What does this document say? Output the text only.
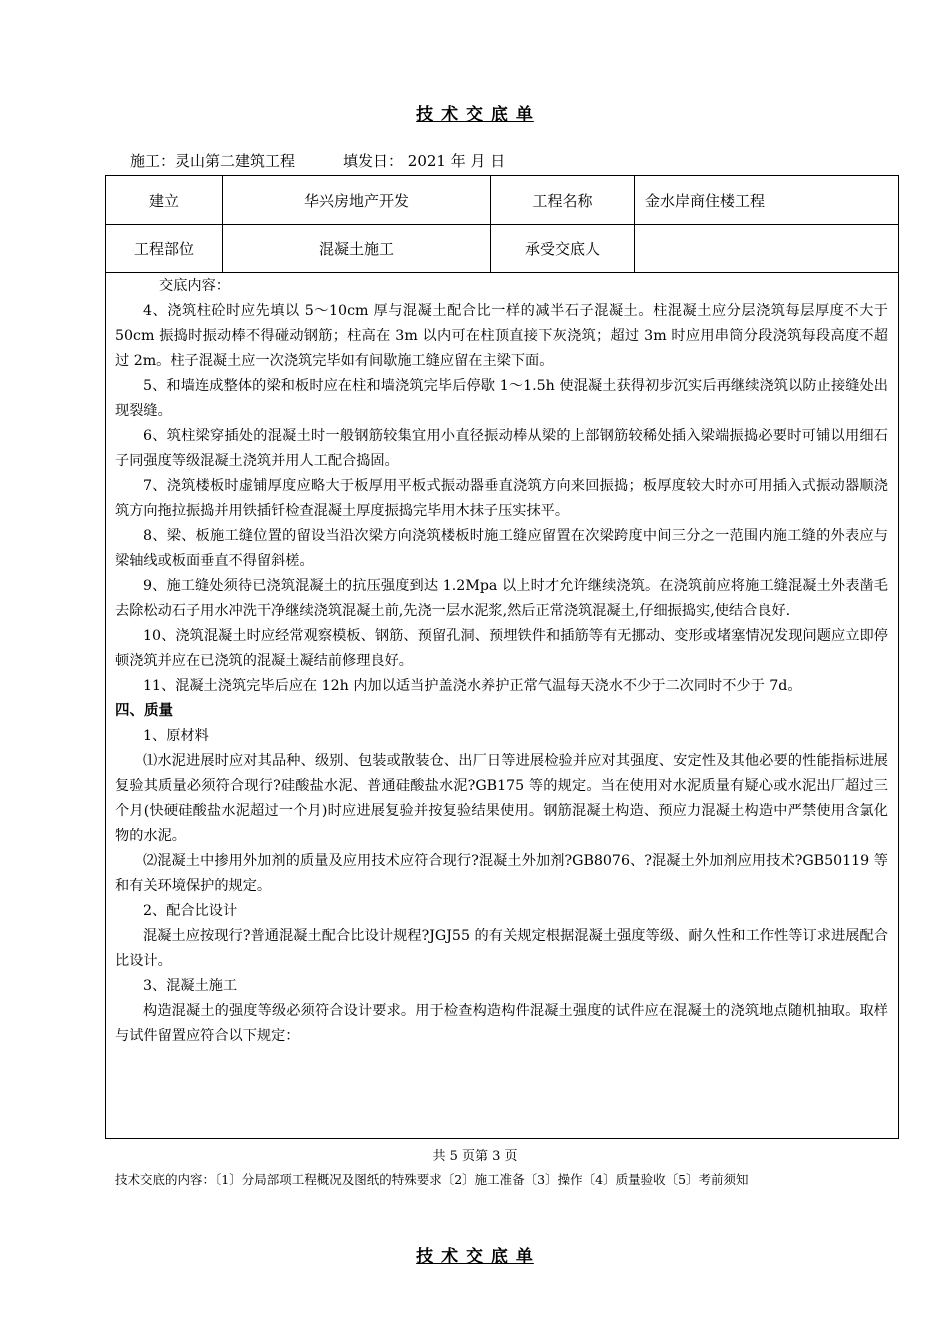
技 术 交 底 单
施工：灵山第二建筑工程	填发日： 2021 年 月 日
建立	华兴房地产开发	工程名称	金水岸商住楼工程
工程部位	混凝土施工	承受交底人

交底内容：

4、浇筑柱砼时应先填以 5～10cm 厚与混凝土配合比一样的减半石子混凝土。柱混凝土应分层浇筑每层厚度不大于 50cm 振捣时振动棒不得碰动钢筋；柱高在 3m 以内可在柱顶直接下灰浇筑；超过 3m 时应用串筒分段浇筑每段高度不超过 2m。柱子混凝土应一次浇筑完毕如有间歇施工缝应留在主梁下面。

5、和墙连成整体的梁和板时应在柱和墙浇筑完毕后停歇 1～1.5h 使混凝土获得初步沉实后再继续浇筑以防止接缝处出现裂缝。

6、筑柱梁穿插处的混凝土时一般钢筋较集宜用小直径振动棒从梁的上部钢筋较稀处插入梁端振捣必要时可铺以用细石子同强度等级混凝土浇筑并用人工配合捣固。

7、浇筑楼板时虚铺厚度应略大于板厚用平板式振动器垂直浇筑方向来回振捣；板厚度较大时亦可用插入式振动器顺浇筑方向拖拉振捣并用铁插钎检查混凝土厚度振捣完毕用木抹子压实抹平。

8、梁、板施工缝位置的留设当沿次梁方向浇筑楼板时施工缝应留置在次梁跨度中间三分之一范围内施工缝的外表应与梁轴线或板面垂直不得留斜槎。

9、施工缝处须待已浇筑混凝土的抗压强度到达 1.2Mpa 以上时才允许继续浇筑。在浇筑前应将施工缝混凝土外表凿毛去除松动石子用水冲洗干净继续浇筑混凝土前,先浇一层水泥浆,然后正常浇筑混凝土,仔细振捣实,使结合良好.

10、浇筑混凝土时应经常观察模板、钢筋、预留孔洞、预埋铁件和插筋等有无挪动、变形或堵塞情况发现问题应立即停顿浇筑并应在已浇筑的混凝土凝结前修理良好。

11、混凝土浇筑完毕后应在 12h 内加以适当护盖浇水养护正常气温每天浇水不少于二次同时不少于 7d。

四、质量

1、原材料

⑴水泥进展时应对其品种、级别、包装或散装仓、出厂日等进展检验并应对其强度、安定性及其他必要的性能指标进展复验其质量必须符合现行?硅酸盐水泥、普通硅酸盐水泥?GB175 等的规定。当在使用对水泥质量有疑心或水泥出厂超过三个月(快硬硅酸盐水泥超过一个月)时应进展复验并按复验结果使用。钢筋混凝土构造、预应力混凝土构造中严禁使用含氯化物的水泥。

⑵混凝土中掺用外加剂的质量及应用技术应符合现行?混凝土外加剂?GB8076、?混凝土外加剂应用技术?GB50119 等和有关环境保护的规定。

2、配合比设计

混凝土应按现行?普通混凝土配合比设计规程?JGJ55 的有关规定根据混凝土强度等级、耐久性和工作性等订求进展配合比设计。

3、混凝土施工

构造混凝土的强度等级必须符合设计要求。用于检查构造构件混凝土强度的试件应在混凝土的浇筑地点随机抽取。取样与试件留置应符合以下规定：

共 5 页第 3 页
技术交底的内容：〔1〕分局部项工程概况及图纸的特殊要求〔2〕施工准备〔3〕操作〔4〕质量验收〔5〕考前须知
技 术 交 底 单
